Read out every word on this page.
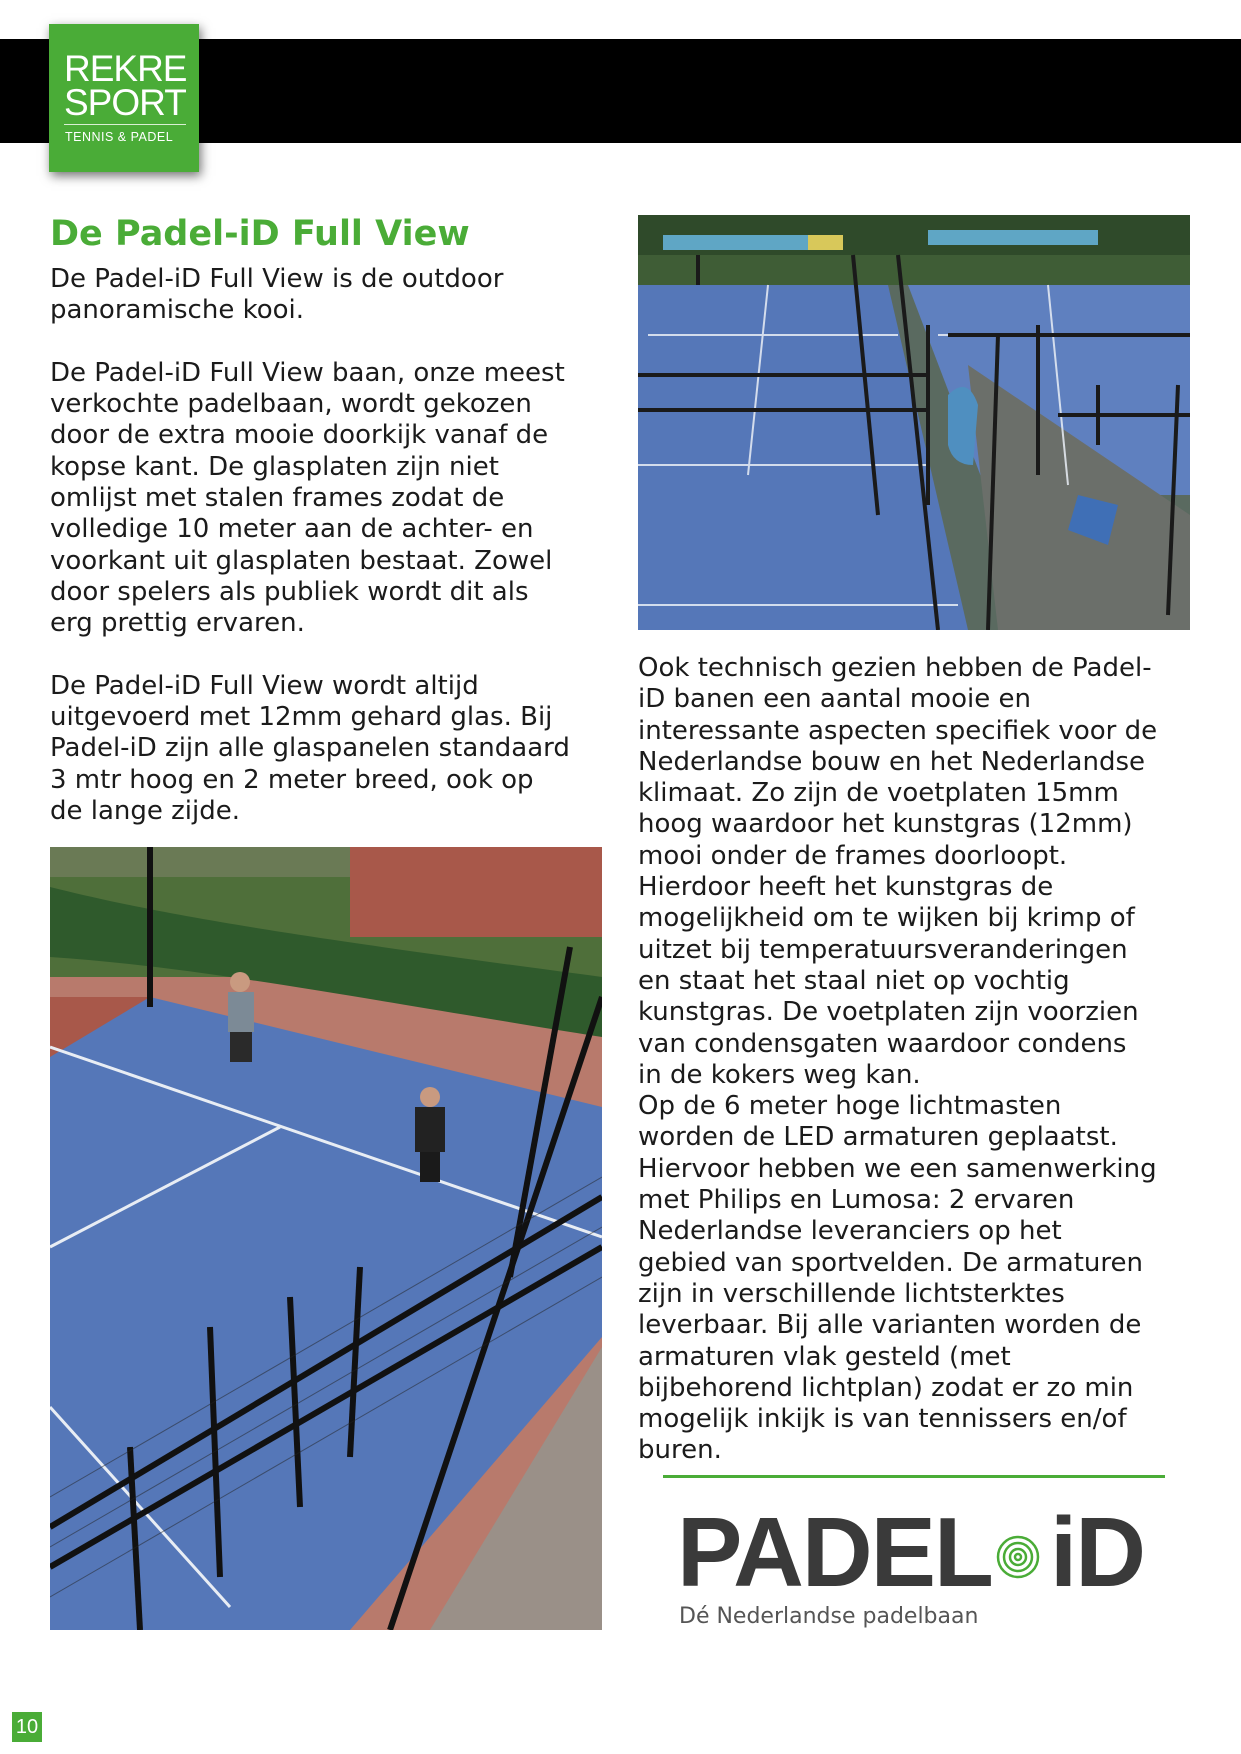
REKRE
SPORT
TENNIS & PADEL
De Padel-iD Full View

De Padel-iD Full View is de outdoor panoramische kooi.

De Padel-iD Full View baan, onze meest verkochte padelbaan, wordt gekozen door de extra mooie doorkijk vanaf de kopse kant. De glasplaten zijn niet omlijst met stalen frames zodat de volledige 10 meter aan de achter- en voorkant uit glasplaten bestaat. Zowel door spelers als publiek wordt dit als erg prettig ervaren.

De Padel-iD Full View wordt altijd uitgevoerd met 12mm gehard glas. Bij Padel-iD zijn alle glaspanelen standaard 3 mtr hoog en 2 meter breed, ook op de lange zijde.

Ook technisch gezien hebben de Padel-iD banen een aantal mooie en interessante aspecten specifiek voor de Nederlandse bouw en het Nederlandse klimaat. Zo zijn de voetplaten 15mm hoog waardoor het kunstgras (12mm) mooi onder de frames doorloopt. Hierdoor heeft het kunstgras de mogelijkheid om te wijken bij krimp of uitzet bij temperatuursveranderingen en staat het staal niet op vochtig kunstgras. De voetplaten zijn voorzien van condensgaten waardoor condens in de kokers weg kan.
Op de 6 meter hoge lichtmasten worden de LED armaturen geplaatst. Hiervoor hebben we een samenwerking met Philips en Lumosa: 2 ervaren Nederlandse leveranciers op het gebied van sportvelden. De armaturen zijn in verschillende lichtsterktes leverbaar. Bij alle varianten worden de armaturen vlak gesteld (met bijbehorend lichtplan) zodat er zo min mogelijk inkijk is van tennissers en/of buren.
PADEL iD
Dé Nederlandse padelbaan
10
